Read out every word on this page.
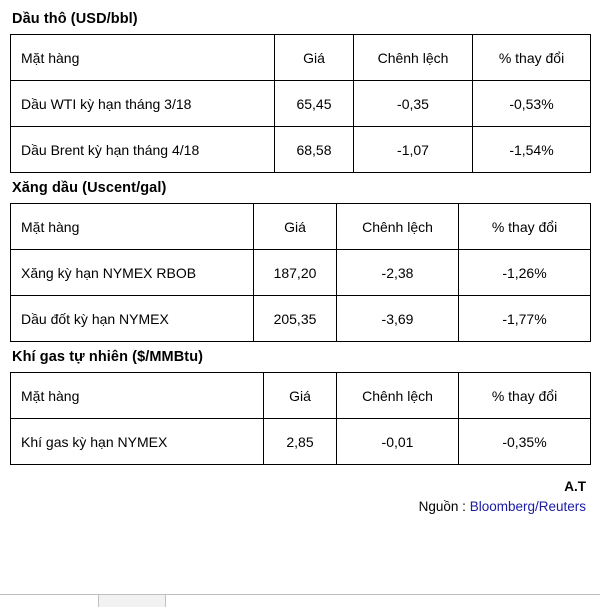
Dầu thô (USD/bbl)
Mặt hàng	Giá	Chênh lệch	% thay đổi
Dầu WTI kỳ hạn tháng 3/18	65,45	-0,35	-0,53%
Dầu Brent kỳ hạn tháng 4/18	68,58	-1,07	-1,54%
Xăng dầu (Uscent/gal)
Mặt hàng	Giá	Chênh lệch	% thay đổi
Xăng kỳ hạn NYMEX RBOB	187,20	-2,38	-1,26%
Dầu đốt kỳ hạn NYMEX	205,35	-3,69	-1,77%
Khí gas tự nhiên ($/MMBtu)
Mặt hàng	Giá	Chênh lệch	% thay đổi
Khí gas kỳ hạn NYMEX	2,85	-0,01	-0,35%
A.T
Nguồn : Bloomberg/Reuters
